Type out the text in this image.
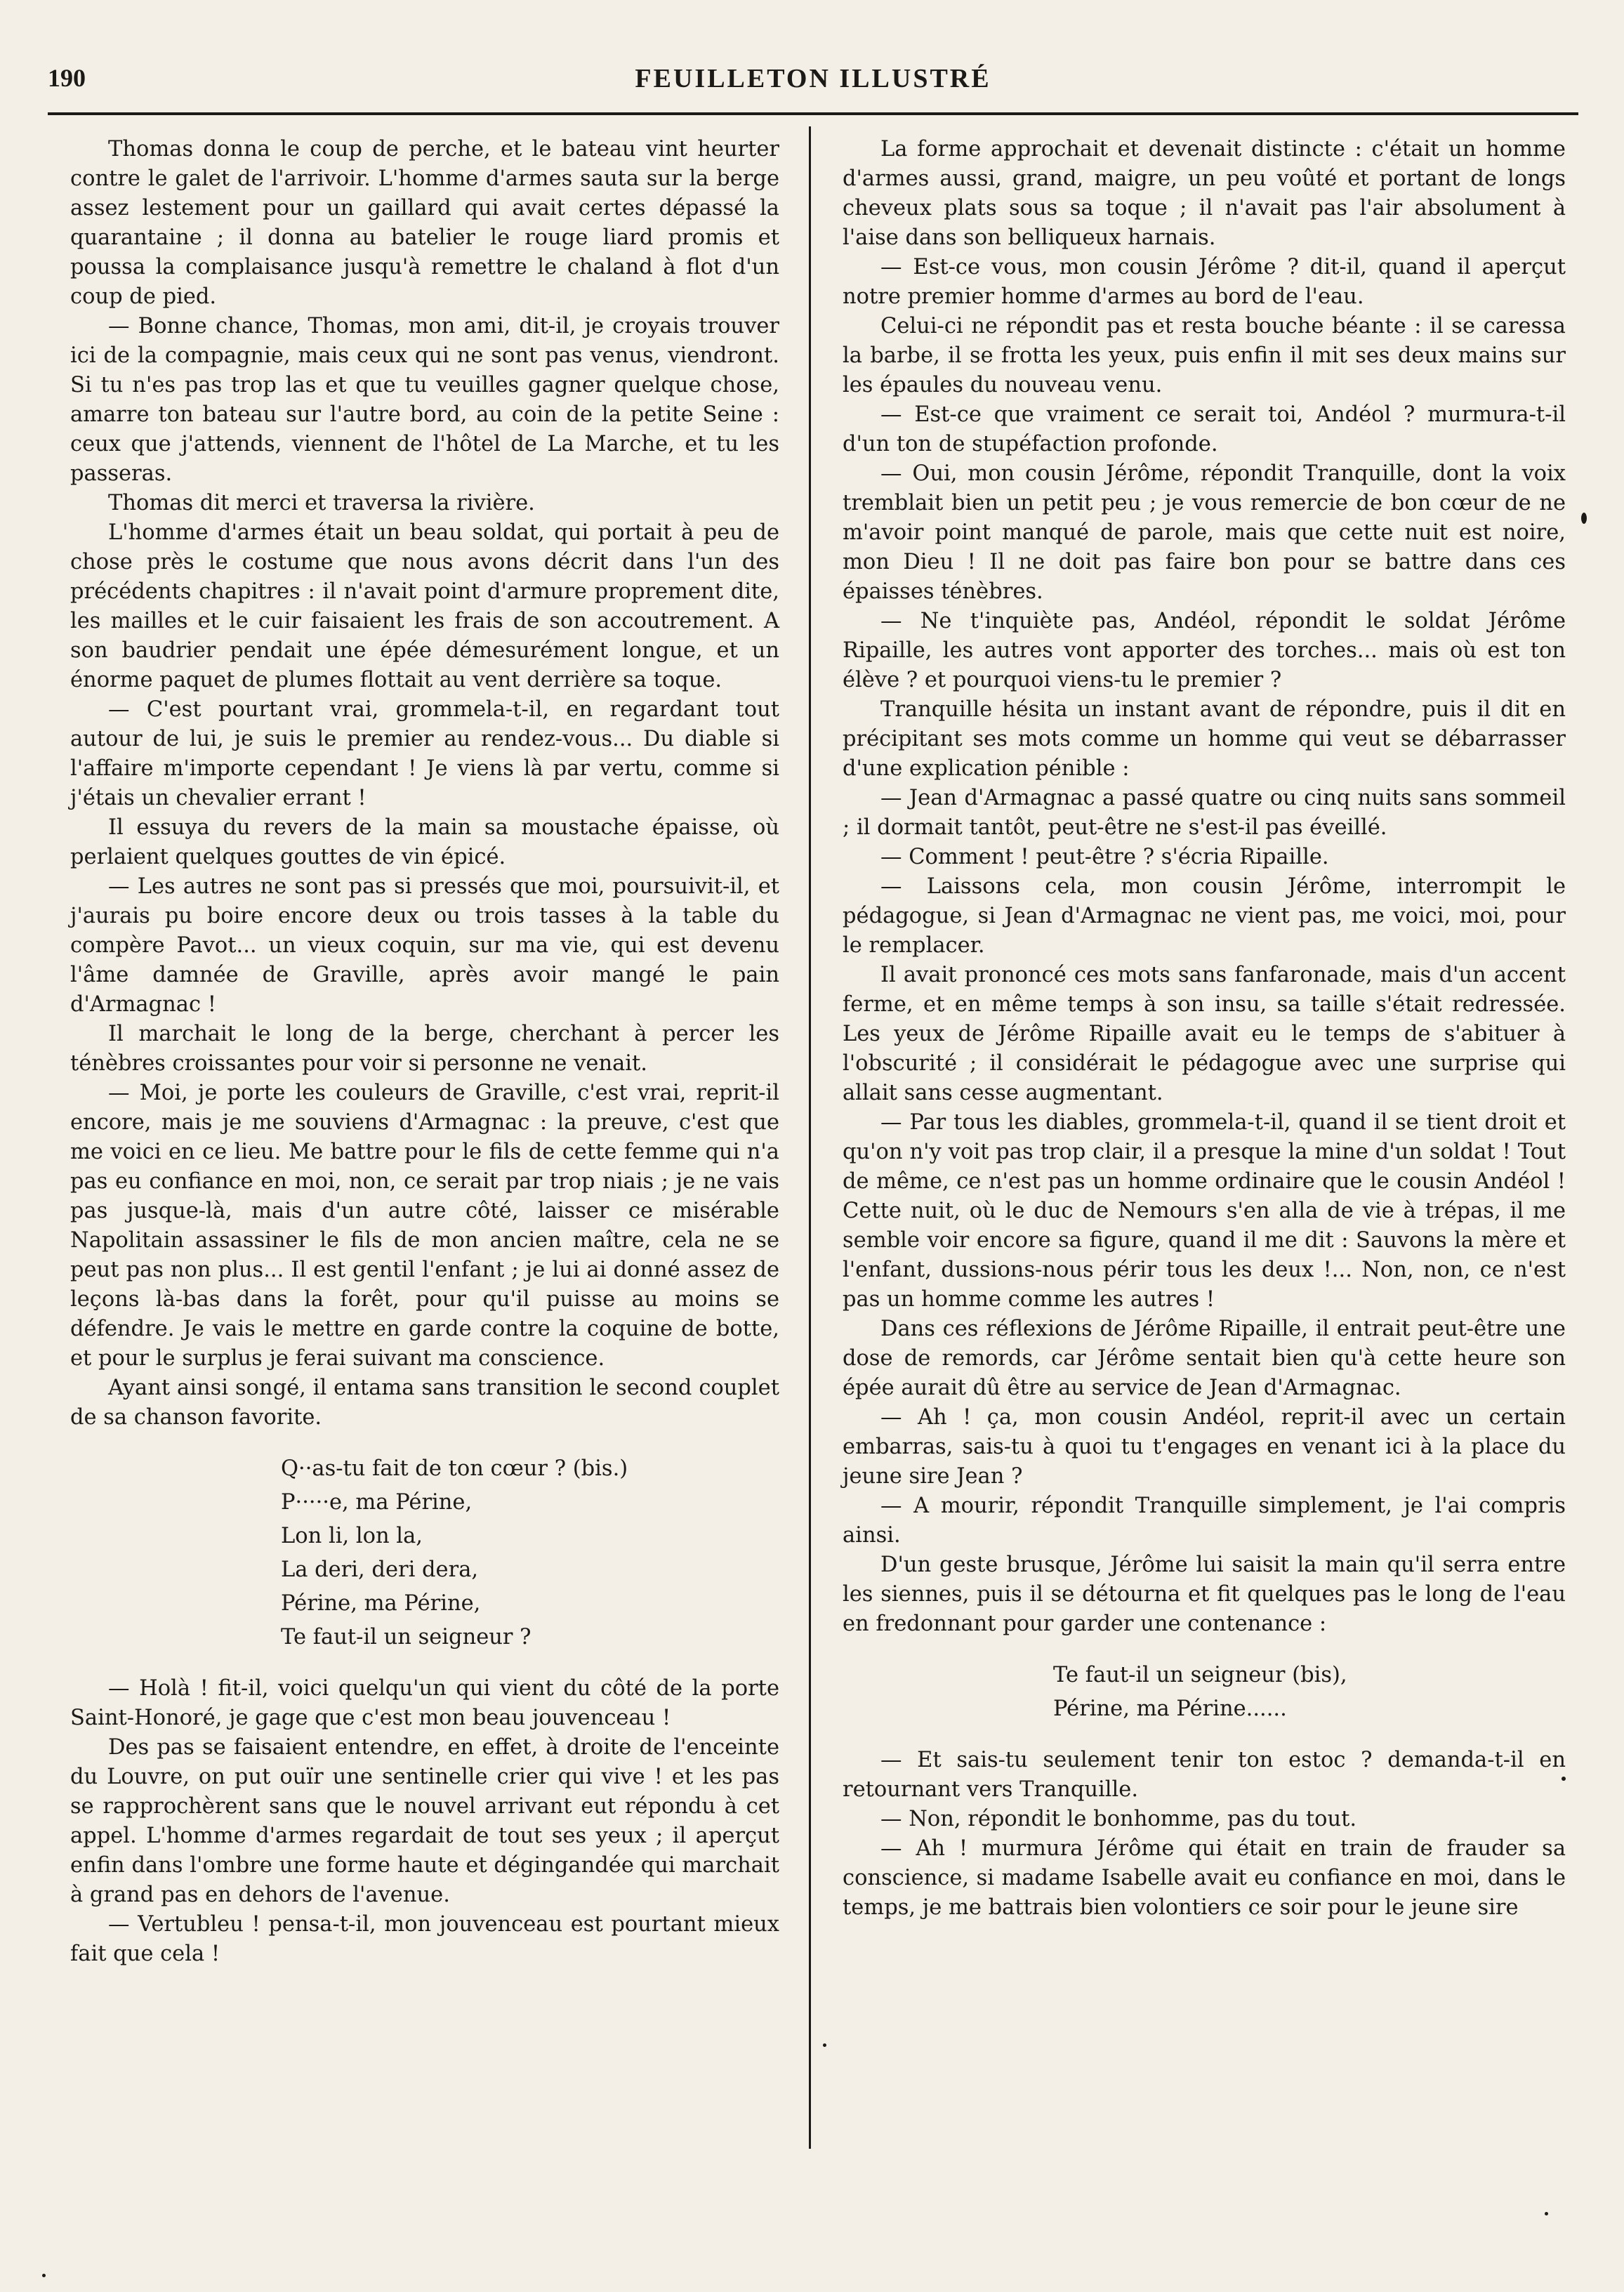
190	FEUILLETON ILLUSTRÉ

Thomas donna le coup de perche, et le bateau vint heurter contre le galet de l'arrivoir. L'homme d'armes sauta sur la berge assez lestement pour un gaillard qui avait certes dépassé la quarantaine ; il donna au batelier le rouge liard promis et poussa la complaisance jusqu'à remettre le chaland à flot d'un coup de pied.

— Bonne chance, Thomas, mon ami, dit-il, je croyais trouver ici de la compagnie, mais ceux qui ne sont pas venus, viendront. Si tu n'es pas trop las et que tu veuilles gagner quelque chose, amarre ton bateau sur l'autre bord, au coin de la petite Seine : ceux que j'attends, viennent de l'hôtel de La Marche, et tu les passeras.

Thomas dit merci et traversa la rivière.

L'homme d'armes était un beau soldat, qui portait à peu de chose près le costume que nous avons décrit dans l'un des précédents chapitres : il n'avait point d'armure proprement dite, les mailles et le cuir faisaient les frais de son accoutrement. A son baudrier pendait une épée démesurément longue, et un énorme paquet de plumes flottait au vent derrière sa toque.

— C'est pourtant vrai, grommela-t-il, en regardant tout autour de lui, je suis le premier au rendez-vous... Du diable si l'affaire m'importe cependant ! Je viens là par vertu, comme si j'étais un chevalier errant !

Il essuya du revers de la main sa moustache épaisse, où perlaient quelques gouttes de vin épicé.

— Les autres ne sont pas si pressés que moi, poursuivit-il, et j'aurais pu boire encore deux ou trois tasses à la table du compère Pavot... un vieux coquin, sur ma vie, qui est devenu l'âme damnée de Graville, après avoir mangé le pain d'Armagnac !

Il marchait le long de la berge, cherchant à percer les ténèbres croissantes pour voir si personne ne venait.

— Moi, je porte les couleurs de Graville, c'est vrai, reprit-il encore, mais je me souviens d'Armagnac : la preuve, c'est que me voici en ce lieu. Me battre pour le fils de cette femme qui n'a pas eu confiance en moi, non, ce serait par trop niais ; je ne vais pas jusque-là, mais d'un autre côté, laisser ce misérable Napolitain assassiner le fils de mon ancien maître, cela ne se peut pas non plus... Il est gentil l'enfant ; je lui ai donné assez de leçons là-bas dans la forêt, pour qu'il puisse au moins se défendre. Je vais le mettre en garde contre la coquine de botte, et pour le surplus je ferai suivant ma conscience.

Ayant ainsi songé, il entama sans transition le second couplet de sa chanson favorite.

Q··as-tu fait de ton cœur ? (bis.)
P·····e, ma Périne,
Lon li, lon la,
La deri, deri dera,
Périne, ma Périne,
Te faut-il un seigneur ?

— Holà ! fit-il, voici quelqu'un qui vient du côté de la porte Saint-Honoré, je gage que c'est mon beau jouvenceau !

Des pas se faisaient entendre, en effet, à droite de l'enceinte du Louvre, on put ouïr une sentinelle crier qui vive ! et les pas se rapprochèrent sans que le nouvel arrivant eut répondu à cet appel. L'homme d'armes regardait de tout ses yeux ; il aperçut enfin dans l'ombre une forme haute et dégingandée qui marchait à grand pas en dehors de l'avenue.

— Vertubleu ! pensa-t-il, mon jouvenceau est pourtant mieux fait que cela !

La forme approchait et devenait distincte : c'était un homme d'armes aussi, grand, maigre, un peu voûté et portant de longs cheveux plats sous sa toque ; il n'avait pas l'air absolument à l'aise dans son belliqueux harnais.

— Est-ce vous, mon cousin Jérôme ? dit-il, quand il aperçut notre premier homme d'armes au bord de l'eau.

Celui-ci ne répondit pas et resta bouche béante : il se caressa la barbe, il se frotta les yeux, puis enfin il mit ses deux mains sur les épaules du nouveau venu.

— Est-ce que vraiment ce serait toi, Andéol ? murmura-t-il d'un ton de stupéfaction profonde.

— Oui, mon cousin Jérôme, répondit Tranquille, dont la voix tremblait bien un petit peu ; je vous remercie de bon cœur de ne m'avoir point manqué de parole, mais que cette nuit est noire, mon Dieu ! Il ne doit pas faire bon pour se battre dans ces épaisses ténèbres.

— Ne t'inquiète pas, Andéol, répondit le soldat Jérôme Ripaille, les autres vont apporter des torches... mais où est ton élève ? et pourquoi viens-tu le premier ?

Tranquille hésita un instant avant de répondre, puis il dit en précipitant ses mots comme un homme qui veut se débarrasser d'une explication pénible :

— Jean d'Armagnac a passé quatre ou cinq nuits sans sommeil ; il dormait tantôt, peut-être ne s'est-il pas éveillé.

— Comment ! peut-être ? s'écria Ripaille.

— Laissons cela, mon cousin Jérôme, interrompit le pédagogue, si Jean d'Armagnac ne vient pas, me voici, moi, pour le remplacer.

Il avait prononcé ces mots sans fanfaronade, mais d'un accent ferme, et en même temps à son insu, sa taille s'était redressée. Les yeux de Jérôme Ripaille avait eu le temps de s'abituer à l'obscurité ; il considérait le pédagogue avec une surprise qui allait sans cesse augmentant.

— Par tous les diables, grommela-t-il, quand il se tient droit et qu'on n'y voit pas trop clair, il a presque la mine d'un soldat ! Tout de même, ce n'est pas un homme ordinaire que le cousin Andéol ! Cette nuit, où le duc de Nemours s'en alla de vie à trépas, il me semble voir encore sa figure, quand il me dit : Sauvons la mère et l'enfant, dussions-nous périr tous les deux !... Non, non, ce n'est pas un homme comme les autres !

Dans ces réflexions de Jérôme Ripaille, il entrait peut-être une dose de remords, car Jérôme sentait bien qu'à cette heure son épée aurait dû être au service de Jean d'Armagnac.

— Ah ! ça, mon cousin Andéol, reprit-il avec un certain embarras, sais-tu à quoi tu t'engages en venant ici à la place du jeune sire Jean ?

— A mourir, répondit Tranquille simplement, je l'ai compris ainsi.

D'un geste brusque, Jérôme lui saisit la main qu'il serra entre les siennes, puis il se détourna et fit quelques pas le long de l'eau en fredonnant pour garder une contenance :

Te faut-il un seigneur (bis),
Périne, ma Périne......

— Et sais-tu seulement tenir ton estoc ? demanda-t-il en retournant vers Tranquille.

— Non, répondit le bonhomme, pas du tout.

— Ah ! murmura Jérôme qui était en train de frauder sa conscience, si madame Isabelle avait eu confiance en moi, dans le temps, je me battrais bien volontiers ce soir pour le jeune sire
